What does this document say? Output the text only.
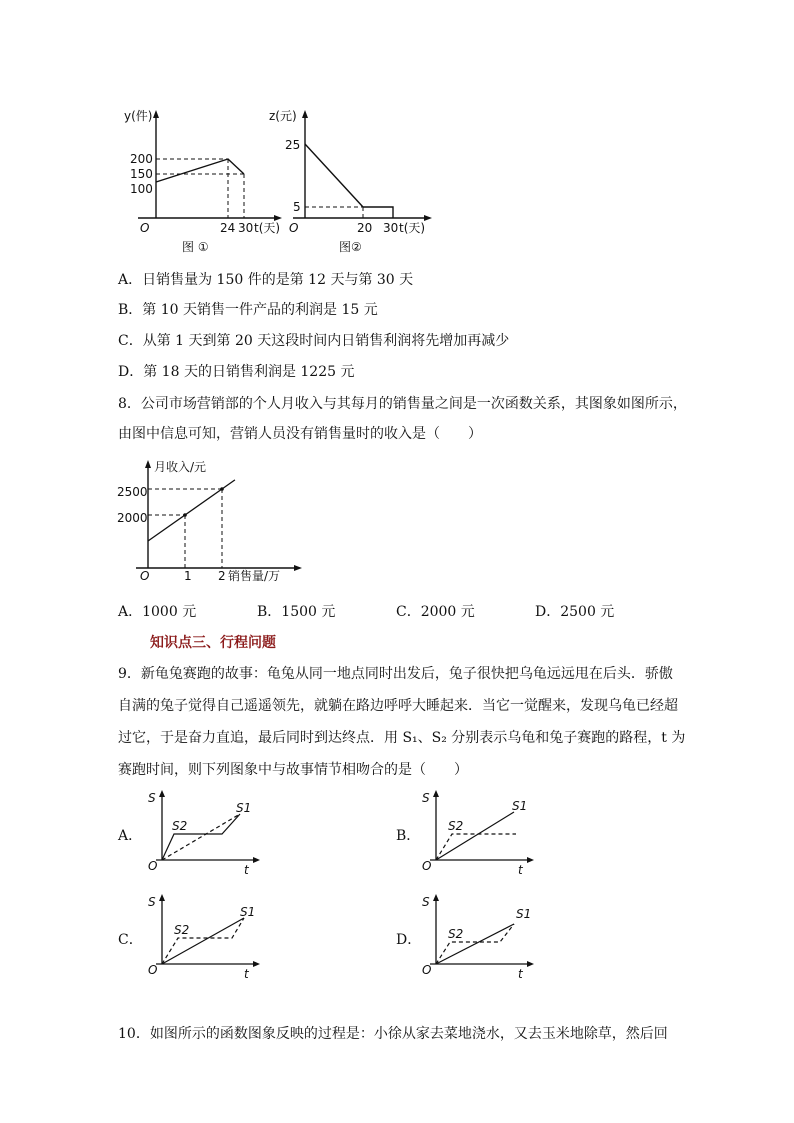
y(件)
200
150
100
O	24 30 t(天)
图 ①
z(元)
25
5
O	20 30 t(天)
图②
A．日销售量为 150 件的是第 12 天与第 30 天
B．第 10 天销售一件产品的利润是 15 元
C．从第 1 天到第 20 天这段时间内日销售利润将先增加再减少
D．第 18 天的日销售利润是 1225 元
8．公司市场营销部的个人月收入与其每月的销售量之间是一次函数关系，其图象如图所示，
由图中信息可知，营销人员没有销售量时的收入是（　　）
月收入/元
2500
2000
O	1 2 销售量/万
A．1000 元	B．1500 元	C．2000 元	D．2500 元
知识点三、行程问题
9．新龟兔赛跑的故事：龟兔从同一地点同时出发后，兔子很快把乌龟远远甩在后头．骄傲
自满的兔子觉得自己遥遥领先，就躺在路边呼呼大睡起来．当它一觉醒来，发现乌龟已经超
过它，于是奋力直追，最后同时到达终点．用 S₁、S₂ 分别表示乌龟和兔子赛跑的路程，t 为
赛跑时间，则下列图象中与故事情节相吻合的是（　　）
A．
S
S1
S2
O	t
B．
S
S1
S2
O	t
C．
S
S1
S2
O	t
D．
S
S1
S2
O	t
10．如图所示的函数图象反映的过程是：小徐从家去菜地浇水，又去玉米地除草，然后回
